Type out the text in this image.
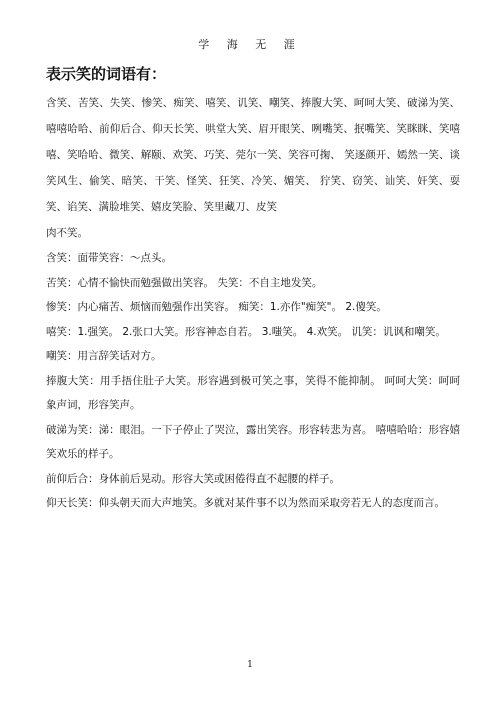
学 海 无 涯
表示笑的词语有：

含笑、苦笑、失笑、惨笑、痴笑、嘻笑、讥笑、嘲笑、捧腹大笑、呵呵大笑、破涕为笑、嘻嘻哈哈、前仰后合、仰天长笑、哄堂大笑、眉开眼笑、咧嘴笑、抿嘴笑、笑眯眯、笑嘻嘻、笑哈哈、微笑、解颐、欢笑、巧笑、莞尔一笑、笑容可掬、 笑逐颜开、嫣然一笑、谈笑风生、偷笑、暗笑、干笑、怪笑、狂笑、冷笑、媚笑、 狞笑、窃笑、讪笑、奸笑、耍笑、谄笑、满脸堆笑、嬉皮笑脸、笑里藏刀、皮笑

肉不笑。

含笑：面带笑容：～点头。

苦笑：心情不愉快而勉强做出笑容。 失笑：不自主地发笑。

惨笑：内心痛苦、烦恼而勉强作出笑容。 痴笑：1.亦作"痴笑"。 2.傻笑。

嘻笑：1.强笑。 2.张口大笑。形容神态自若。 3.嗤笑。 4.欢笑。 讥笑：讥讽和嘲笑。

嘲笑：用言辞笑话对方。

捧腹大笑：用手捂住肚子大笑。形容遇到极可笑之事，笑得不能抑制。 呵呵大笑：呵呵 象声词，形容笑声。

破涕为笑：涕：眼泪。一下子停止了哭泣，露出笑容。形容转悲为喜。 嘻嘻哈哈：形容嬉笑欢乐的样子。

前仰后合：身体前后晃动。形容大笑或困倦得直不起腰的样子。

仰天长笑：仰头朝天而大声地笑。多就对某件事不以为然而采取旁若无人的态度而言。

1
